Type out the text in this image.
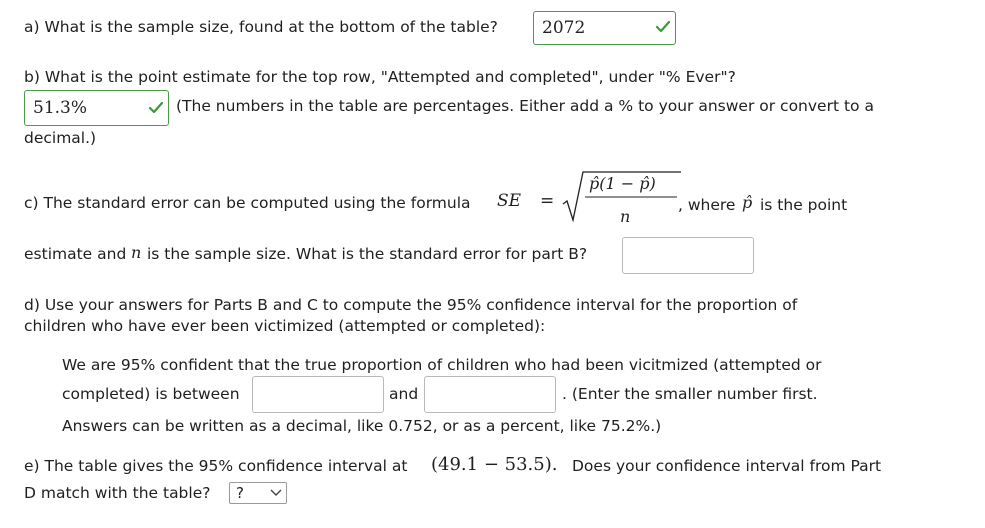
a) What is the sample size, found at the bottom of the table?	2072
b) What is the point estimate for the top row, "Attempted and completed", under "% Ever"?
51.3%	(The numbers in the table are percentages. Either add a % to your answer or convert to a
decimal.)
c) The standard error can be computed using the formula SE =
p̂(1 − p̂)
n
, where p̂ is the point
estimate and n is the sample size. What is the standard error for part B?
d) Use your answers for Parts B and C to compute the 95% confidence interval for the proportion of
children who have ever been victimized (attempted or completed):
We are 95% confident that the true proportion of children who had been vicitmized (attempted or
completed) is between	and	. (Enter the smaller number first.
Answers can be written as a decimal, like 0.752, or as a percent, like 75.2%.)
e) The table gives the 95% confidence interval at (49.1 − 53.5). Does your confidence interval from Part
D match with the table? ?
